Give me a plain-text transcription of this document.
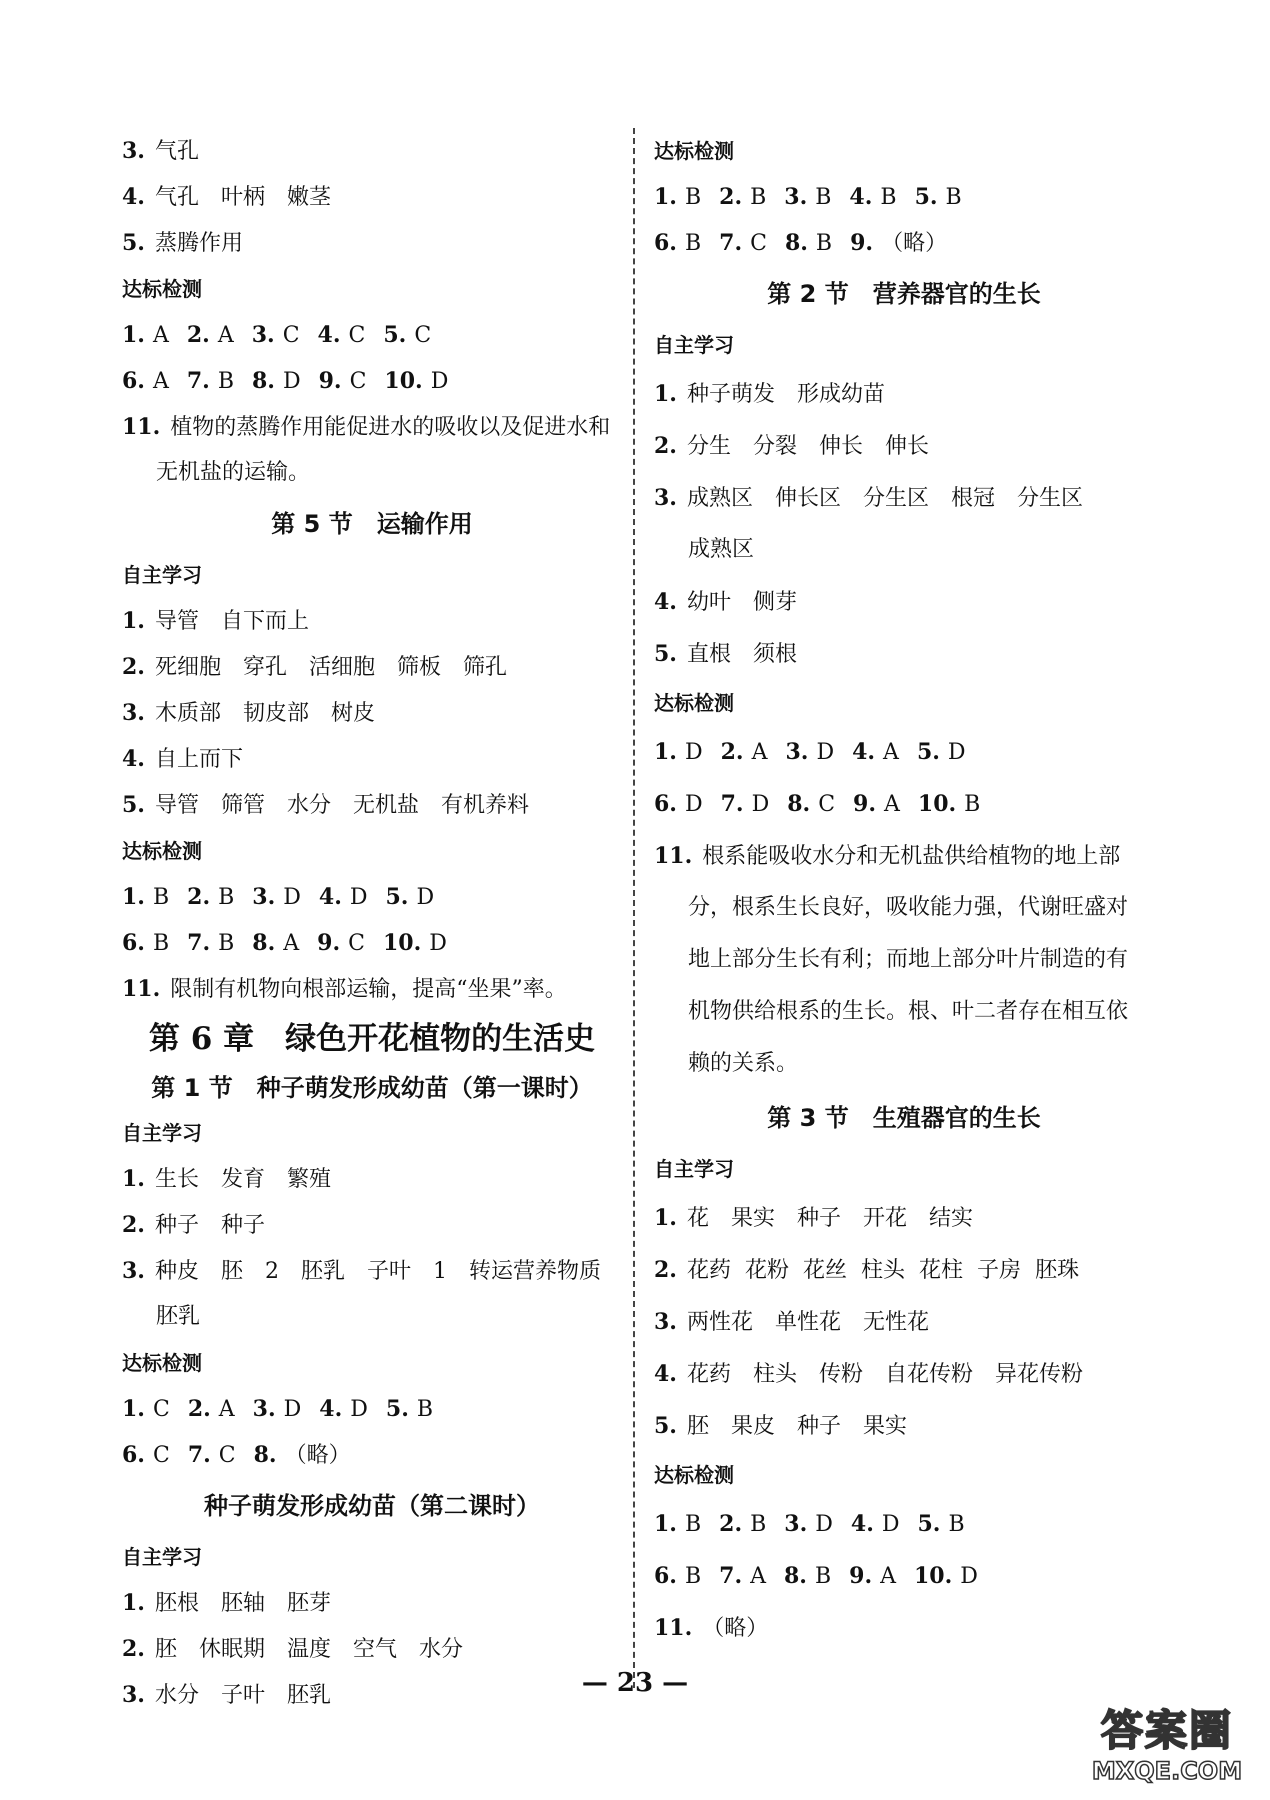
3. 气孔
4. 气孔 叶柄 嫩茎
5. 蒸腾作用
达标检测
1. A 2. A 3. C 4. C 5. C
6. A 7. B 8. D 9. C 10. D
11. 植物的蒸腾作用能促进水的吸收以及促进水和
无机盐的运输。
第 5 节　运输作用
自主学习
1. 导管 自下而上
2. 死细胞 穿孔 活细胞 筛板 筛孔
3. 木质部 韧皮部 树皮
4. 自上而下
5. 导管 筛管 水分 无机盐 有机养料
达标检测
1. B 2. B 3. D 4. D 5. D
6. B 7. B 8. A 9. C 10. D
11. 限制有机物向根部运输，提高“坐果”率。
第 6 章　绿色开花植物的生活史
第 1 节　种子萌发形成幼苗（第一课时）
自主学习
1. 生长 发育 繁殖
2. 种子 种子
3. 种皮 胚 2 胚乳 子叶 1 转运营养物质
胚乳
达标检测
1. C 2. A 3. D 4. D 5. B
6. C 7. C 8. （略）
种子萌发形成幼苗（第二课时）
自主学习
1. 胚根 胚轴 胚芽
2. 胚 休眠期 温度 空气 水分
3. 水分 子叶 胚乳
达标检测
1. B 2. B 3. B 4. B 5. B
6. B 7. C 8. B 9. （略）
第 2 节　营养器官的生长
自主学习
1. 种子萌发 形成幼苗
2. 分生 分裂 伸长 伸长
3. 成熟区 伸长区 分生区 根冠 分生区
成熟区
4. 幼叶 侧芽
5. 直根 须根
达标检测
1. D 2. A 3. D 4. A 5. D
6. D 7. D 8. C 9. A 10. B
11. 根系能吸收水分和无机盐供给植物的地上部
分，根系生长良好，吸收能力强，代谢旺盛对
地上部分生长有利；而地上部分叶片制造的有
机物供给根系的生长。根、叶二者存在相互依
赖的关系。
第 3 节　生殖器官的生长
自主学习
1. 花 果实 种子 开花 结实
2. 花药 花粉 花丝 柱头 花柱 子房 胚珠
3. 两性花 单性花 无性花
4. 花药 柱头 传粉 自花传粉 异花传粉
5. 胚 果皮 种子 果实
达标检测
1. B 2. B 3. D 4. D 5. B
6. B 7. A 8. B 9. A 10. D
11. （略）
— 23 —
答案圈
MXQE.COM
